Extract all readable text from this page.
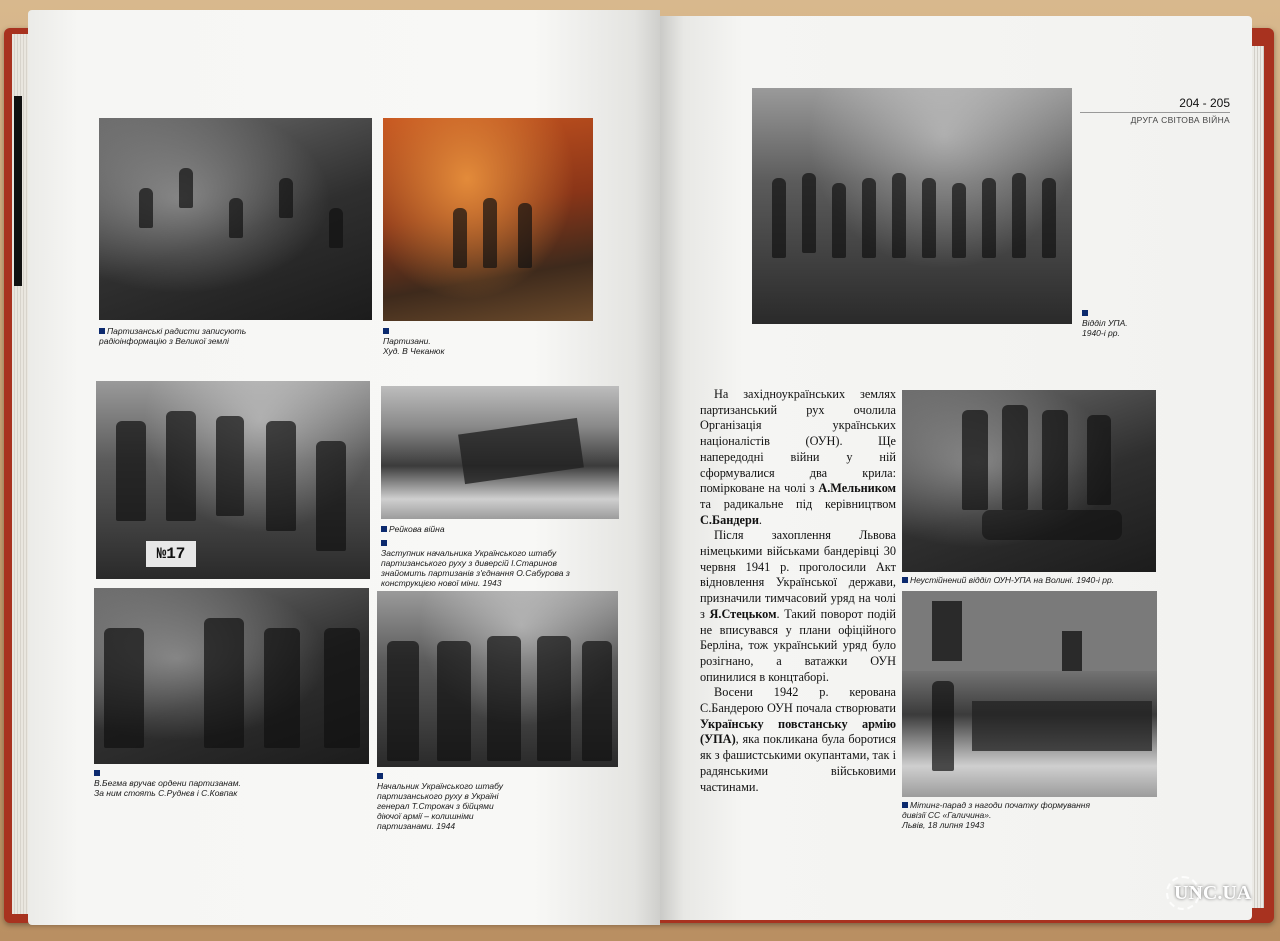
Партизанські радисти записують радіоінформацію з Великої землі	Партизани.
Худ. В Чеканюк
№17
Рейкова війна

Заступник начальника Українського штабу партизанського руху з диверсій І.Старинов знайомить партизанів з'єднання О.Сабурова з конструкцією нової міни. 1943

В.Бегма вручає ордени партизанам.
За ним стоять С.Руднєв і С.Ковпак

Начальник Українського штабу партизанського руху в Україні генерал Т.Строкач з бійцями діючої армії – колишніми партизанами. 1944
204 - 205
ДРУГА СВІТОВА ВІЙНА

Відділ УПА.
1940-і рр.

На західноукраїнських землях партизанський рух очолила Організація українських націоналістів (ОУН). Ще напередодні війни у ній сформувалися два крила: помірковане на чолі з А.Мельником та радикальне під керівництвом С.Бандери.

Після захоплення Львова німецькими військами бандерівці 30 червня 1941 р. проголосили Акт відновлення Української держави, призначили тимчасовий уряд на чолі з Я.Стецьком. Такий поворот подій не вписувався у плани офіційного Берліна, тож український уряд було розігнано, а ватажки ОУН опинилися в концтаборі.

Восени 1942 р. керована С.Бандерою ОУН почала створювати Українську повстанську армію (УПА), яка покликана була боротися як з фашистськими окупантами, так і радянськими військовими частинами.

Неустійнений відділ ОУН-УПА на Волині. 1940-і рр.
Мітинг-парад з нагоди початку формування
дивізії СС «Галичина».
Львів, 18 липня 1943
UNC.UA
